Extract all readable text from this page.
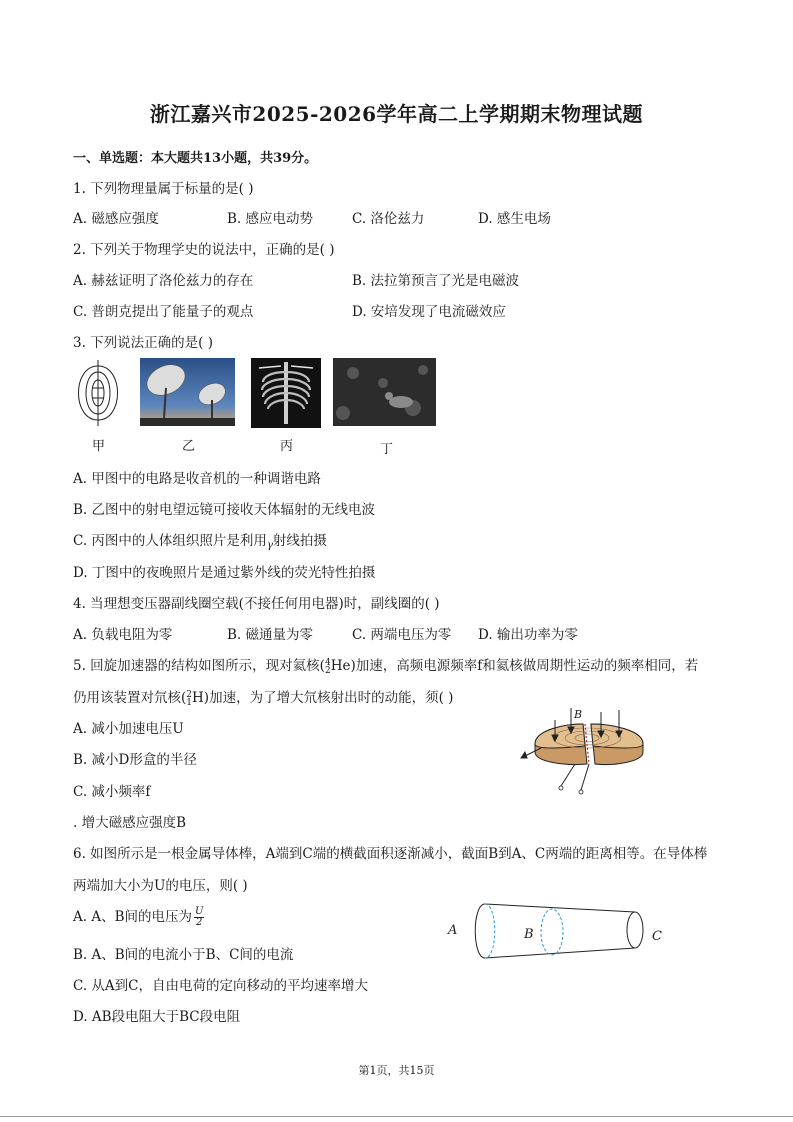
浙江嘉兴市2025-2026学年高二上学期期末物理试题
一、单选题：本大题共13小题，共39分。
1. 下列物理量属于标量的是( )
A. 磁感应强度	B. 感应电动势	C. 洛伦兹力	D. 感生电场
2. 下列关于物理学史的说法中，正确的是( )
A. 赫兹证明了洛伦兹力的存在	B. 法拉第预言了光是电磁波
C. 普朗克提出了能量子的观点	D. 安培发现了电流磁效应
3. 下列说法正确的是( )
甲	乙	丙	丁
A. 甲图中的电路是收音机的一种调谐电路
B. 乙图中的射电望远镜可接收天体辐射的无线电波
C. 丙图中的人体组织照片是利用$_\gamma$射线拍摄
D. 丁图中的夜晚照片是通过紫外线的荧光特性拍摄
4. 当理想变压器副线圈空载(不接任何用电器)时，副线圈的( )
A. 负载电阻为零	B. 磁通量为零	C. 两端电压为零 D. 输出功率为零
5. 回旋加速器的结构如图所示，现对氦核( 4
2 He)加速，高频电源频率f和氦核做周期性运动的频率相同，若
仍用该装置对氘核( 2
1 H)加速，为了增大氘核射出时的动能，须( )
A. 减小加速电压U
B. 减小D形盒的半径
C. 减小频率f
. 增大磁感应强度B
B
6. 如图所示是一根金属导体棒，A端到C端的横截面积逐渐减小，截面B到A、C两端的距离相等。在导体棒
两端加大小为U的电压，则( )
A. A、B间的电压为 $\frac{U}{2}$
B. A、B间的电流小于B、C间的电流
C. 从A到C，自由电荷的定向移动的平均速率增大
D. AB段电阻大于BC段电阻
A	B	C
第1页，共15页
